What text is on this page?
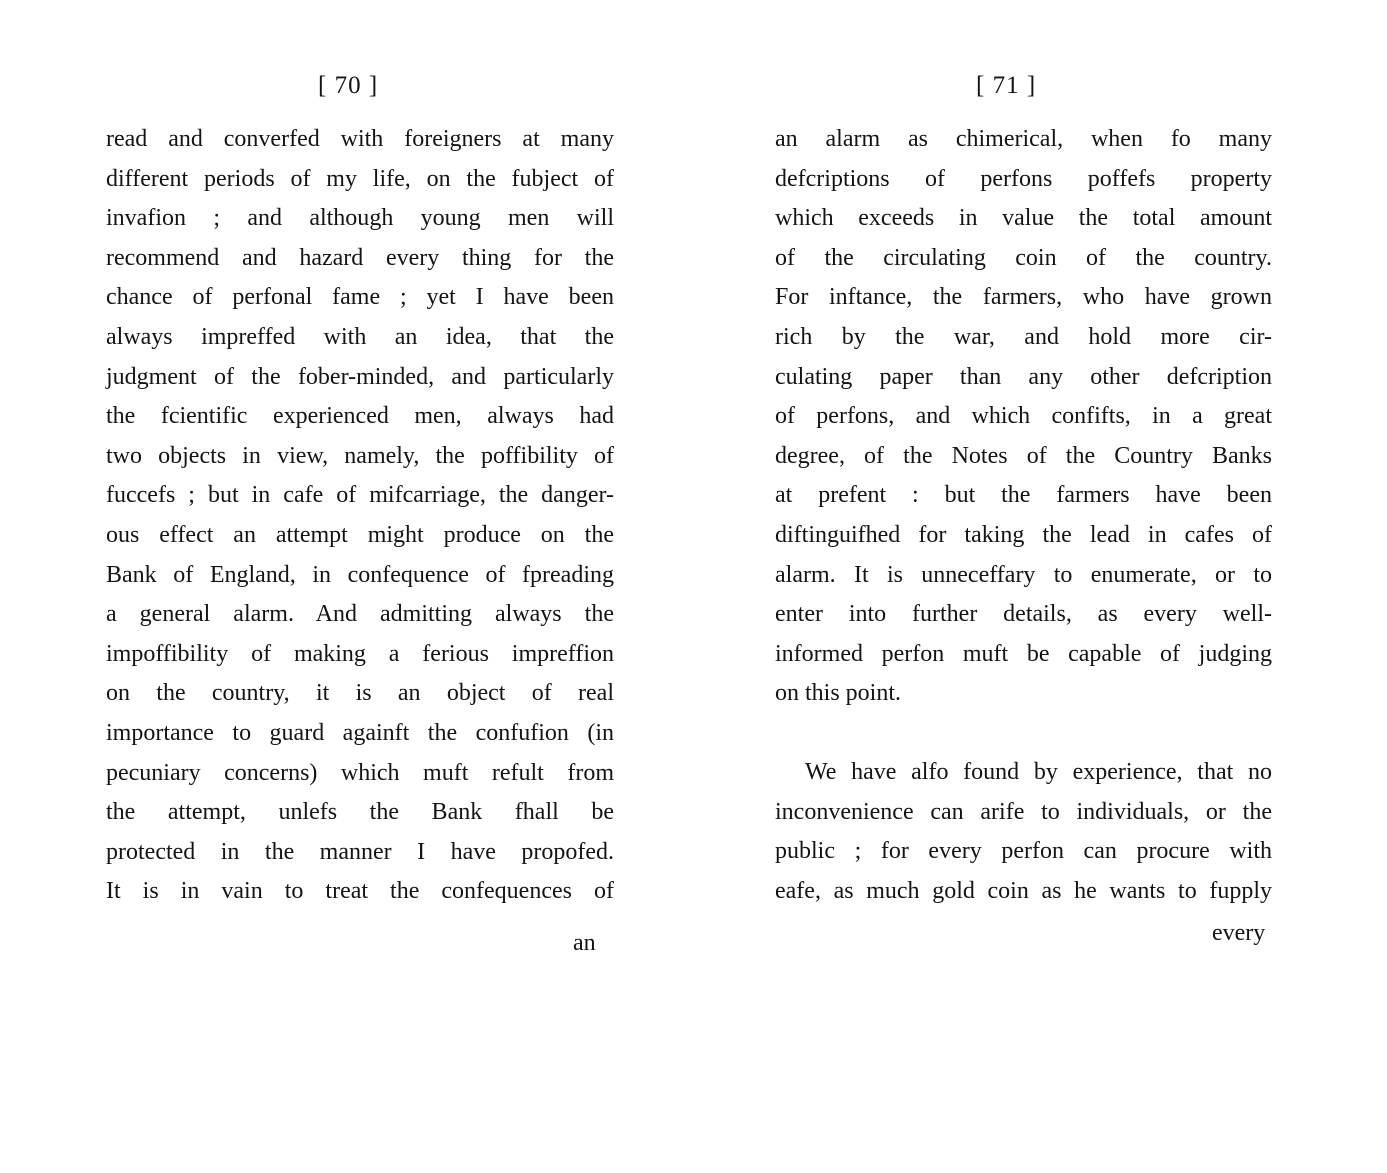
[ 70 ]
read and converfed with foreigners at many
different periods of my life, on the fubject of
invafion ; and although young men will
recommend and hazard every thing for the
chance of perfonal fame ; yet I have been
always impreffed with an idea, that the
judgment of the fober-minded, and particularly
the fcientific experienced men, always had
two objects in view, namely, the poffibility of
fuccefs ; but in cafe of mifcarriage, the danger-
ous effect an attempt might produce on the
Bank of England, in confequence of fpreading
a general alarm. And admitting always the
impoffibility of making a ferious impreffion
on the country, it is an object of real
importance to guard againft the confufion (in
pecuniary concerns) which muft refult from
the attempt, unlefs the Bank fhall be
protected in the manner I have propofed.
It is in vain to treat the confequences of
an
[ 71 ]
an alarm as chimerical, when fo many
defcriptions of perfons poffefs property
which exceeds in value the total amount
of the circulating coin of the country.
For inftance, the farmers, who have grown
rich by the war, and hold more cir-
culating paper than any other defcription
of perfons, and which confifts, in a great
degree, of the Notes of the Country Banks
at prefent : but the farmers have been
diftinguifhed for taking the lead in cafes of
alarm. It is unneceffary to enumerate, or to
enter into further details, as every well-
informed perfon muft be capable of judging
on this point.
We have alfo found by experience, that no
inconvenience can arife to individuals, or the
public ; for every perfon can procure with
eafe, as much gold coin as he wants to fupply
every
